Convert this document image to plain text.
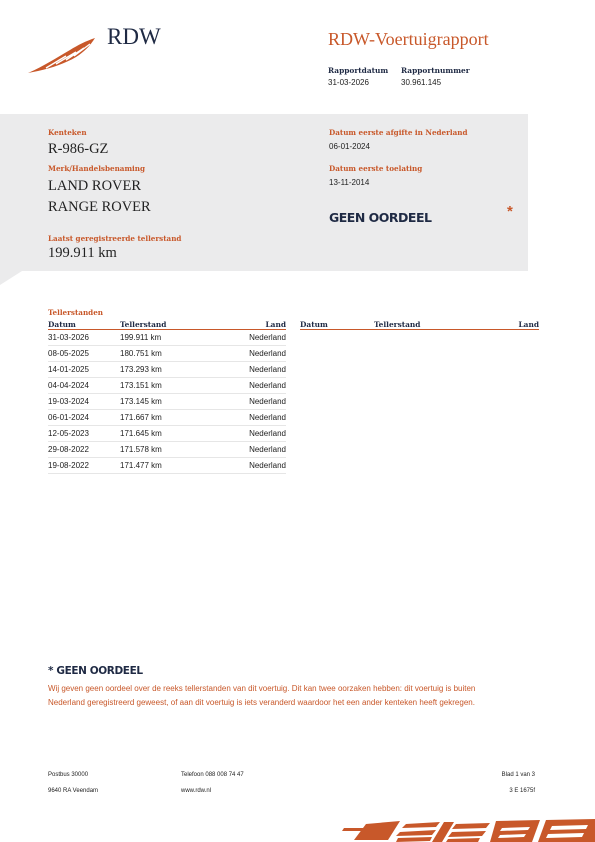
RDW	RDW-Voertuigrapport
Rapportdatum Rapportnummer
31-03-2026	30.961.145
Kenteken
R-986-GZ
Merk/Handelsbenaming
LAND ROVER
RANGE ROVER
Laatst geregistreerde tellerstand
199.911 km
Datum eerste afgifte in Nederland
06-01-2024
Datum eerste toelating
13-11-2014
GEEN OORDEEL	*
Tellerstanden
Datum	Tellerstand	Land
31-03-2026	199.911 km	Nederland
08-05-2025	180.751 km	Nederland
14-01-2025	173.293 km	Nederland
04-04-2024	173.151 km	Nederland
19-03-2024	173.145 km	Nederland
06-01-2024	171.667 km	Nederland
12-05-2023	171.645 km	Nederland
29-08-2022	171.578 km	Nederland
19-08-2022	171.477 km	Nederland
Datum	Tellerstand	Land
* GEEN OORDEEL
Wij geven geen oordeel over de reeks tellerstanden van dit voertuig. Dit kan twee oorzaken hebben: dit voertuig is buiten Nederland geregistreerd geweest, of aan dit voertuig is iets veranderd waardoor het een ander kenteken heeft gekregen.
Postbus 30000
9640 RA Veendam
Telefoon 088 008 74 47
www.rdw.nl
Blad 1 van 3
3 E 1675f
